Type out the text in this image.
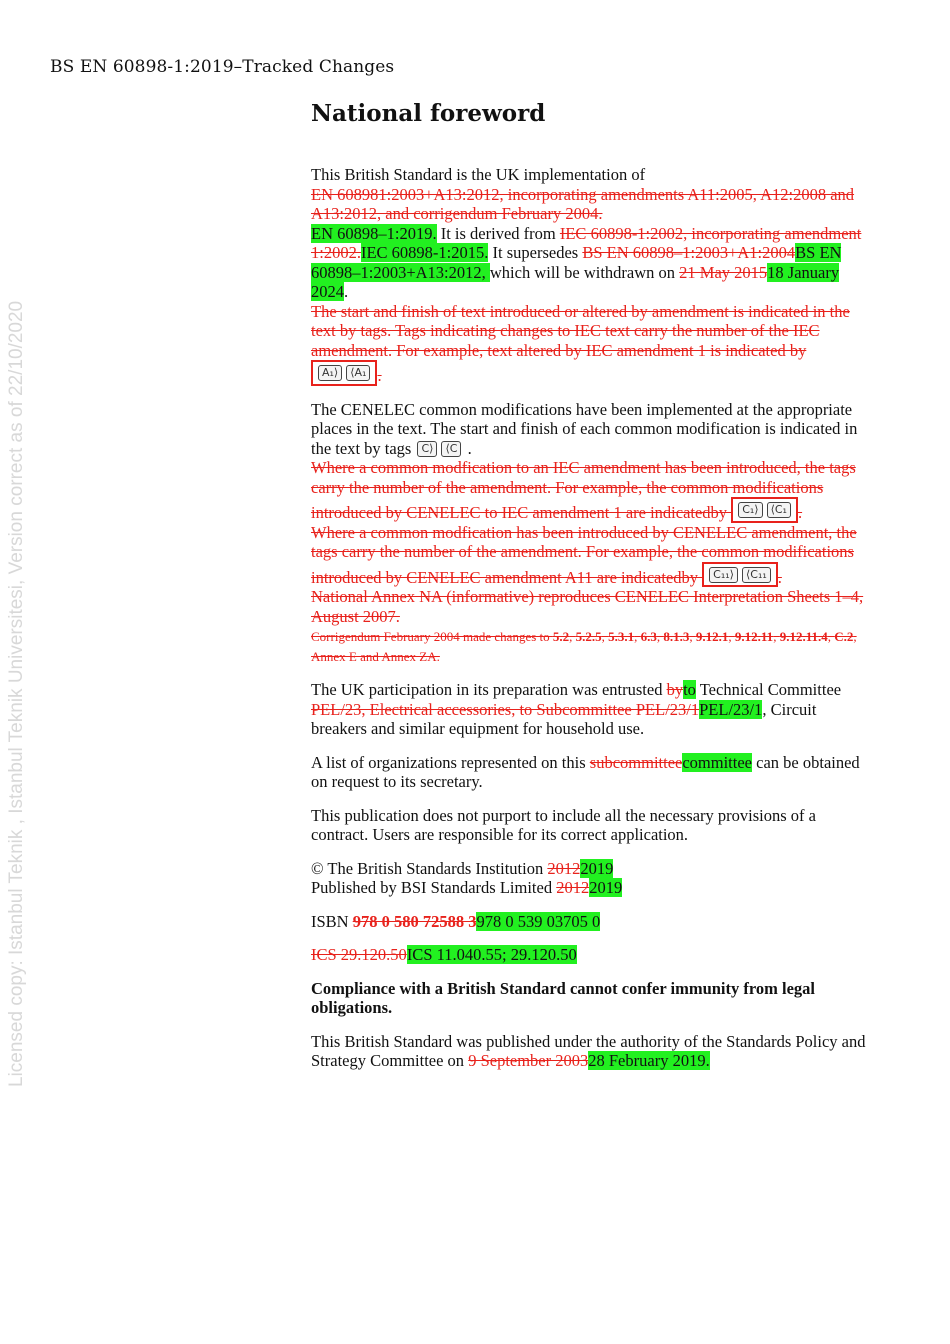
BS EN 60898-1:2019–Tracked Changes
Licensed copy: Istanbul Teknik , Istanbul Teknik Universitesi, Version correct as of 22/10/2020
National foreword

This British Standard is the UK implementation of
EN 608981:2003+A13:2012, incorporating amendments A11:2005, A12:2008 and A13:2012, and corrigendum February 2004.
EN 60898–1:2019. It is derived from IEC 60898-1:2002, incorporating amendment 1:2002.IEC 60898-1:2015. It supersedes BS EN 60898–1:2003+A1:2004BS EN 60898–1:2003+A13:2012, which will be withdrawn on 21 May 201518 January 2024.
The start and finish of text introduced or altered by amendment is indicated in the text by tags. Tags indicating changes to IEC text carry the number of the IEC amendment. For example, text altered by IEC amendment 1 is indicated by A₁⟩ ⟨A₁ .

The CENELEC common modifications have been implemented at the appropriate places in the text. The start and finish of each common modification is indicated in the text by tags C⟩ ⟨C .
Where a common modfication to an IEC amendment has been introduced, the tags carry the number of the amendment. For example, the common modifications introduced by CENELEC to IEC amendment 1 are indicatedby C₁⟩ ⟨C₁ .
Where a common modfication has been introduced by CENELEC amendment, the tags carry the number of the amendment. For example, the common modifications introduced by CENELEC amendment A11 are indicatedby C₁₁⟩ ⟨C₁₁ .
National Annex NA (informative) reproduces CENELEC Interpretation Sheets 1–4, August 2007.
Corrigendum February 2004 made changes to 5.2, 5.2.5, 5.3.1, 6.3, 8.1.3, 9.12.1, 9.12.11, 9.12.11.4, C.2, Annex E and Annex ZA.

The UK participation in its preparation was entrusted byto Technical Committee PEL/23, Electrical accessories, to Subcommittee PEL/23/1PEL/23/1, Circuit breakers and similar equipment for household use.

A list of organizations represented on this subcommitteecommittee can be obtained on request to its secretary.

This publication does not purport to include all the necessary provisions of a contract. Users are responsible for its correct application.

© The British Standards Institution 20122019
Published by BSI Standards Limited 20122019

ISBN 978 0 580 72588 3978 0 539 03705 0

ICS 29.120.50ICS 11.040.55; 29.120.50

Compliance with a British Standard cannot confer immunity from legal obligations.

This British Standard was published under the authority of the Standards Policy and Strategy Committee on 9 September 200328 February 2019.
